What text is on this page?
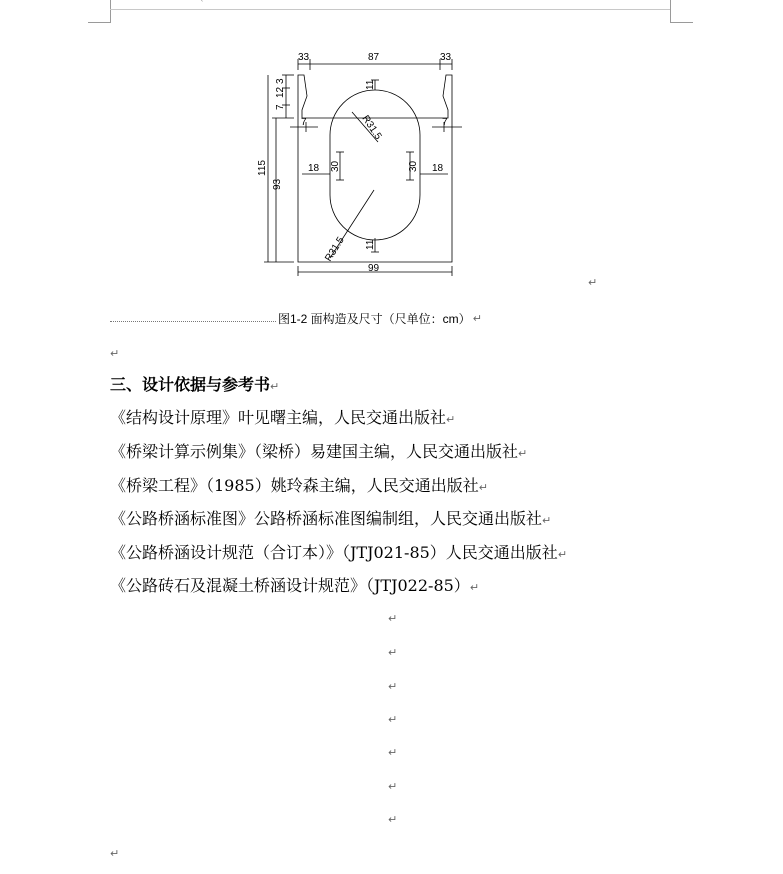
ˋ
33	87	33
7
12
3
115
93
7	7
18	18
30	30
R31.5
R31.5
11
11
99
↵
图1-2 面构造及尺寸（尺单位：cm） ↵
↵
三、设计依据与参考书↵
《结构设计原理》叶见曙主编，人民交通出版社↵
《桥梁计算示例集》（梁桥）易建国主编，人民交通出版社↵
《桥梁工程》（1985）姚玲森主编，人民交通出版社↵
《公路桥涵标准图》公路桥涵标准图编制组，人民交通出版社↵
《公路桥涵设计规范（合订本）》（JTJ021-85）人民交通出版社↵
《公路砖石及混凝土桥涵设计规范》（JTJ022-85）↵
↵
↵
↵
↵
↵
↵
↵
↵
